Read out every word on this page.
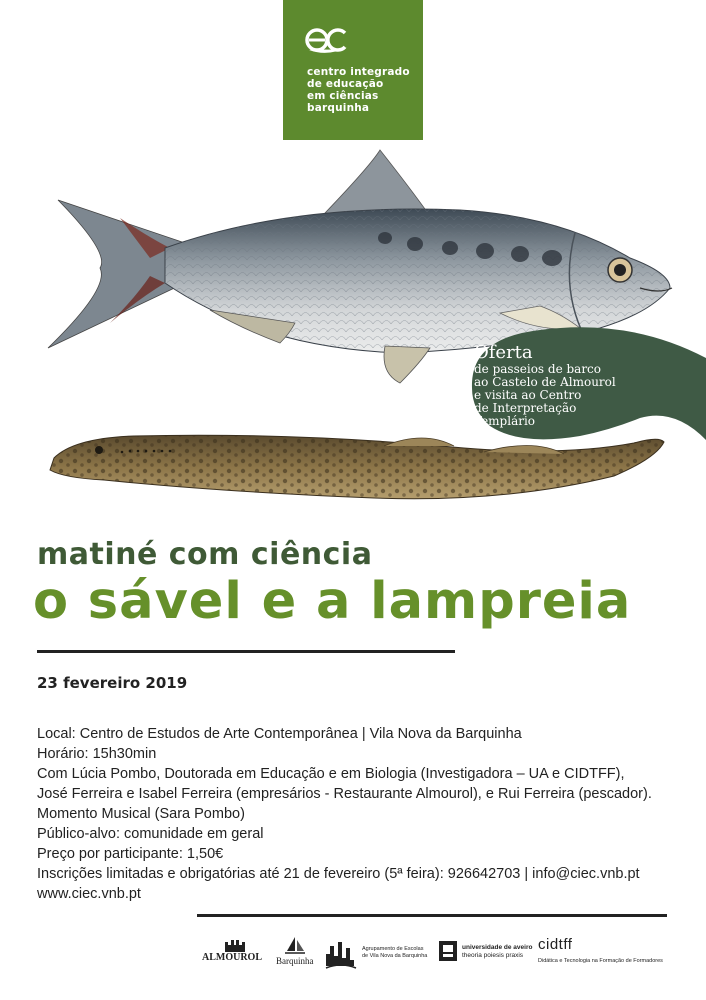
centro integrado
de educação
em ciências
barquinha
Oferta
de passeios de barco
ao Castelo de Almourol
e visita ao Centro
de Interpretação
Templário
matiné com ciência
o sável e a lampreia
23 fevereiro 2019
Local: Centro de Estudos de Arte Contemporânea | Vila Nova da Barquinha
Horário: 15h30min
Com Lúcia Pombo, Doutorada em Educação e em Biologia (Investigadora – UA e CIDTFF),
José Ferreira e Isabel Ferreira (empresários - Restaurante Almourol), e Rui Ferreira (pescador).
Momento Musical (Sara Pombo)
Público-alvo: comunidade em geral
Preço por participante: 1,50€
Inscrições limitadas e obrigatórias até 21 de fevereiro (5ª feira): 926642703 | info@ciec.vnb.pt
www.ciec.vnb.pt
ALMOUROL Barquinha
Agrupamento de Escolas
de Vila Nova da Barquinha
universidade de aveiro
theoria poiesis praxis
cidtff
Didática e Tecnologia na Formação de Formadores
